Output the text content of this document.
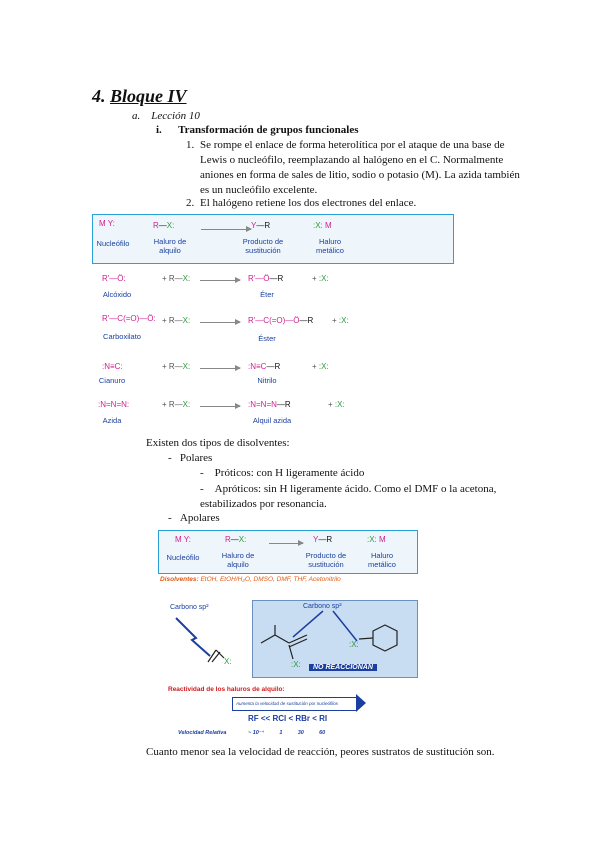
4. Bloque IV
a. Lección 10
i. Transformación de grupos funcionales
1. Se rompe el enlace de forma heterolítica por el ataque de una base de Lewis o nucleófilo, reemplazando al halógeno en el C. Normalmente aniones en forma de sales de litio, sodio o potasio (M). La azida también es un nucleófilo excelente.
2. El halógeno retiene los dos electrones del enlace.
M Y:
Nucleófilo
R—X:
Haluro de alquilo
→ Y—R
Producto de sustitución
:X: M
Haluro metálico
R'—Ö:
Alcóxido
+ R—X:	R'—Ö—R
Éter
+ :X:
R'—C(=O)—Ö:
Carboxilato
+ R—X:	R'—C(=O)—Ö—R
Éster
+ :X:
:N≡C:
Cianuro
+ R—X:	:N≡C—R
Nitrilo
+ :X:
:N=N=N:
Azida
+ R—X:	:N=N=N—R
Alquil azida
+ :X:
Existen dos tipos de disolventes:
-   Polares
-    Próticos: con H ligeramente ácido
-    Apróticos: sin H ligeramente ácido. Como el DMF o la acetona, estabilizados por resonancia.
-   Apolares
M Y:
Nucleófilo
R—X:
Haluro de alquilo
→ Y—R
Producto de sustitución
:X: M
Haluro metálico
Disolventes: EtOH, EtOH/H₂O, DMSO, DMF, THF, Acetonitrilo
Carbono sp²
X:
Carbono sp²
:X:
:X:
NO REACCIONAN
Reactividad de los haluros de alquilo:
Aumenta la velocidad de sustitución por nucleófilos
RF << RCl < RBr < RI
Velocidad Relativa	~ 10⁻⁴          1          30          60
Cuanto menor sea la velocidad de reacción, peores sustratos de sustitución son.
